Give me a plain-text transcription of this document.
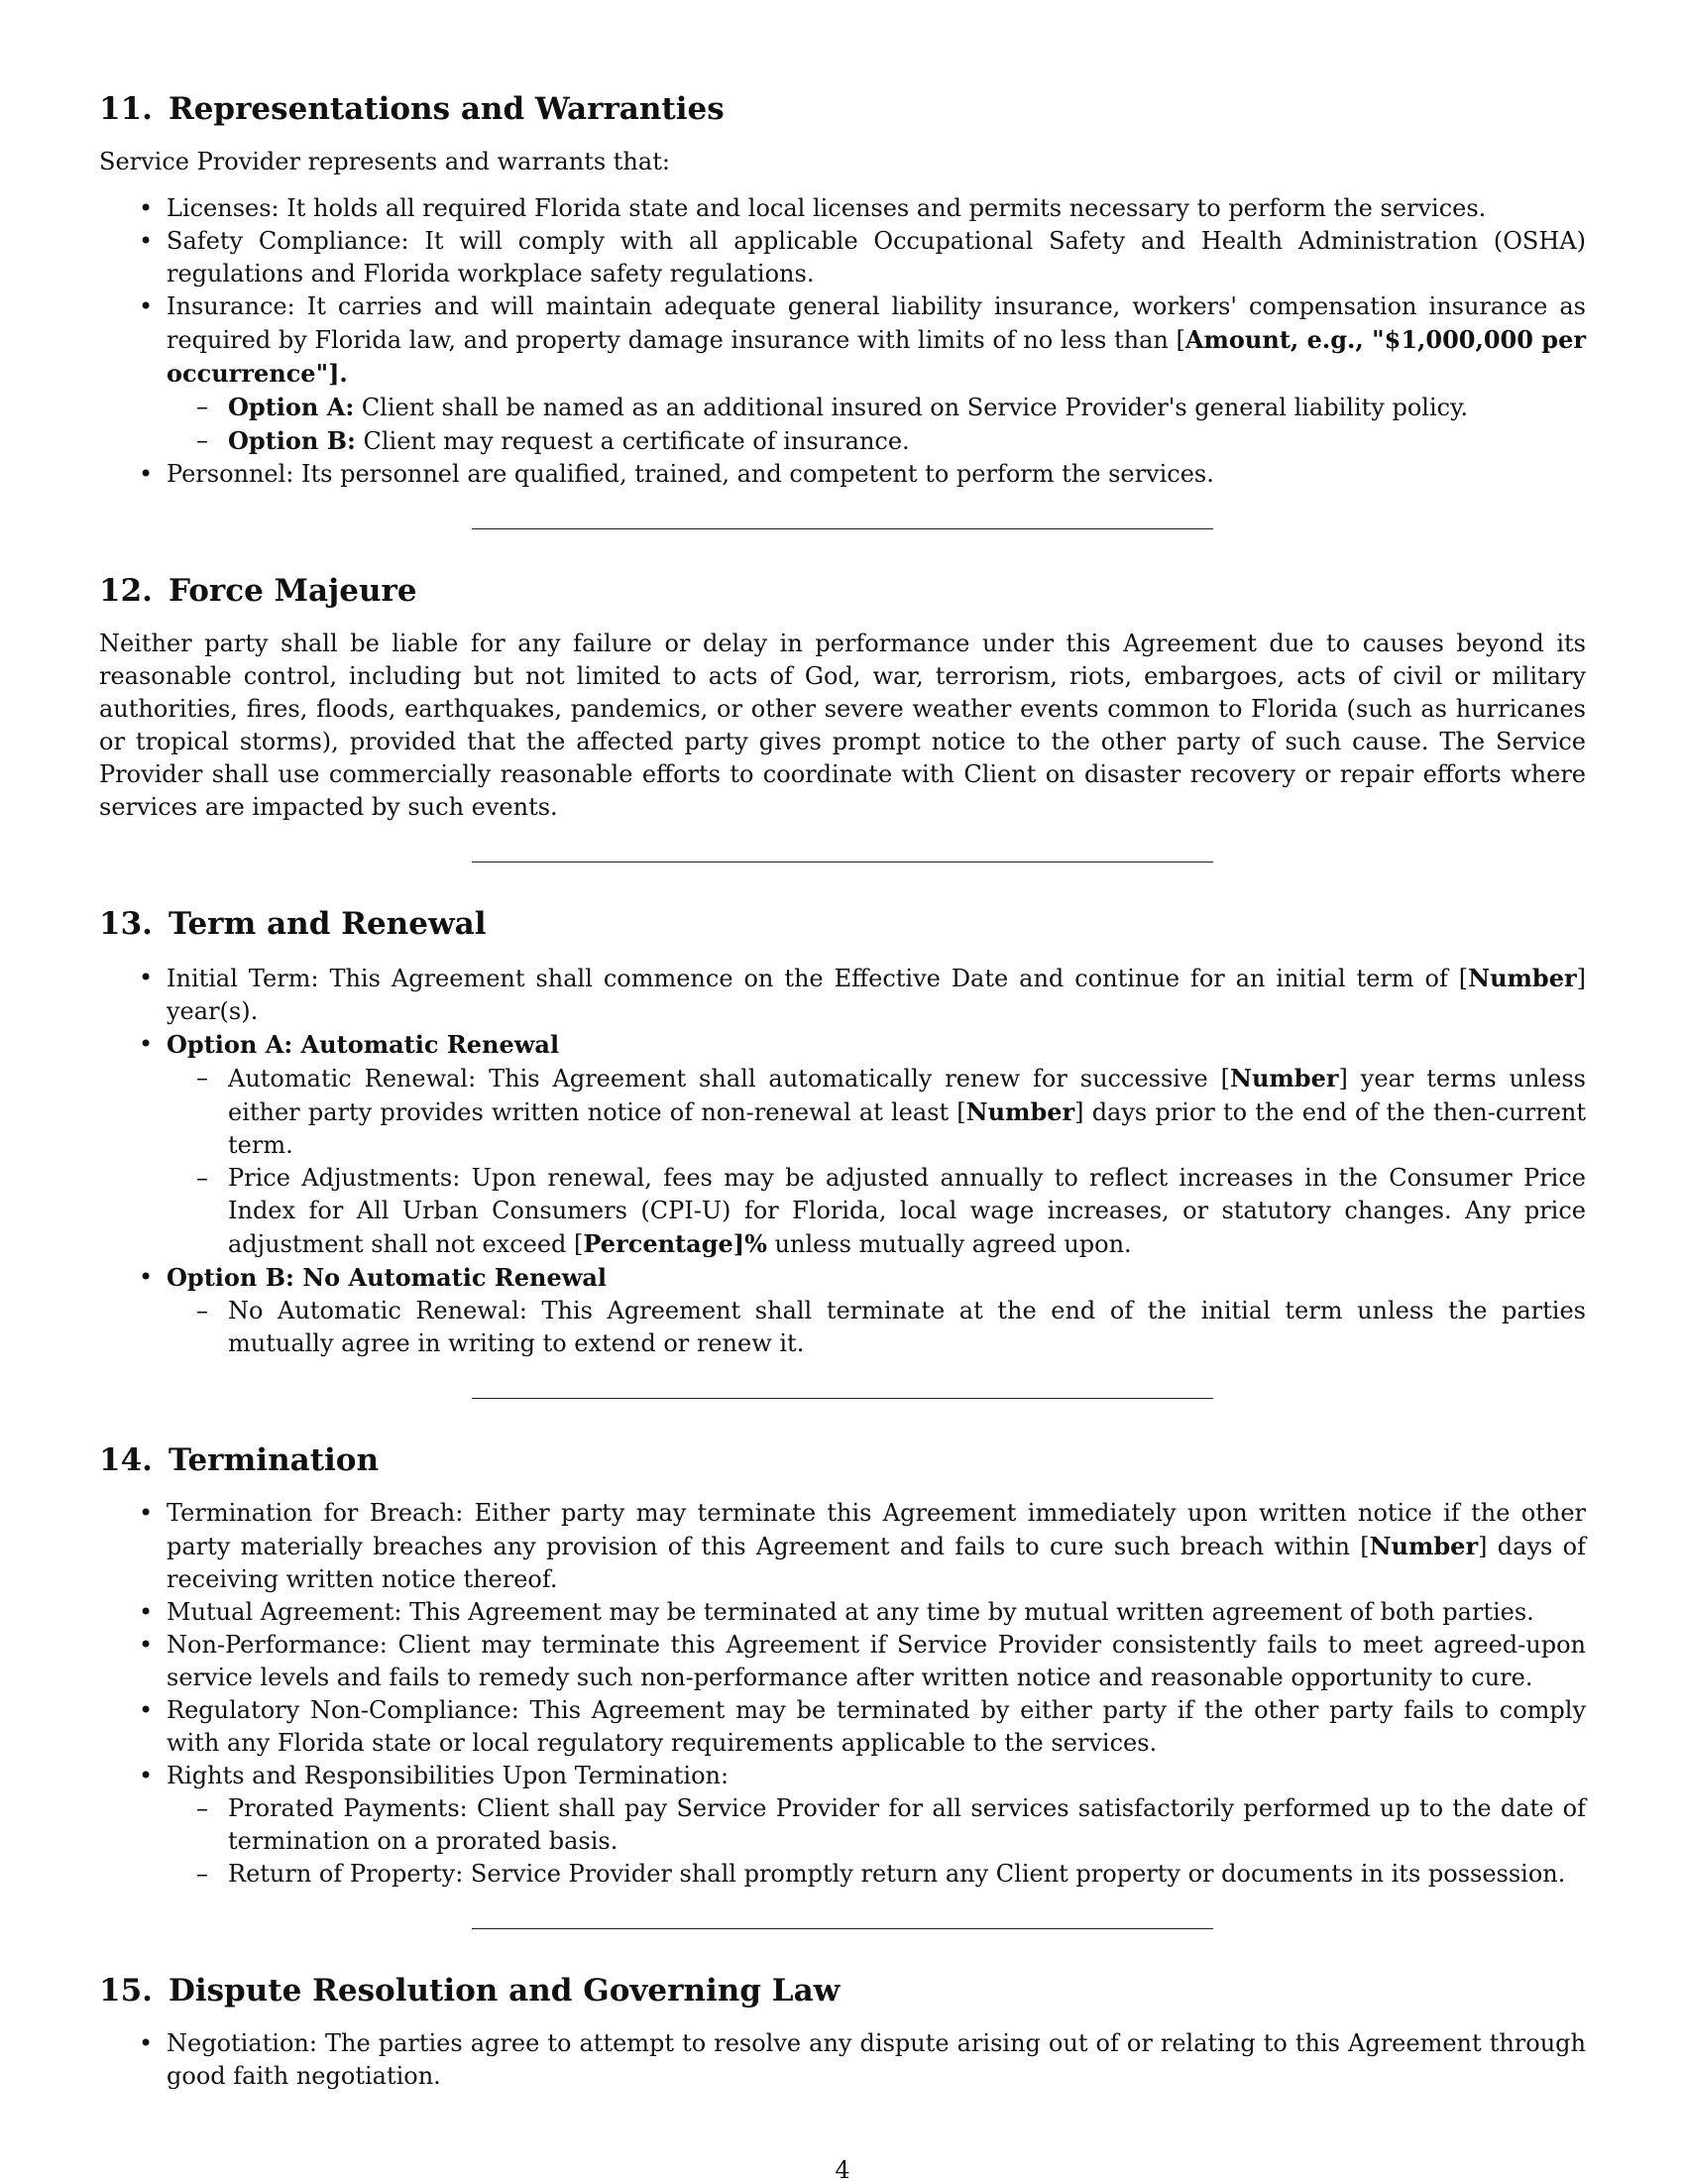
11. Representations and Warranties

Service Provider represents and warrants that:

• Licenses: It holds all required Florida state and local licenses and permits necessary to perform the services.
• Safety Compliance: It will comply with all applicable Occupational Safety and Health Administration (OSHA) regulations and Florida workplace safety regulations.
• Insurance: It carries and will maintain adequate general liability insurance, workers' compensation insurance as required by Florida law, and property damage insurance with limits of no less than [Amount, e.g., "$1,000,000 per occurrence"].
– Option A: Client shall be named as an additional insured on Service Provider's general liability policy.
– Option B: Client may request a certificate of insurance.
• Personnel: Its personnel are qualified, trained, and competent to perform the services.
12. Force Majeure

Neither party shall be liable for any failure or delay in performance under this Agreement due to causes beyond its reasonable control, including but not limited to acts of God, war, terrorism, riots, embargoes, acts of civil or military authorities, fires, floods, earthquakes, pandemics, or other severe weather events common to Florida (such as hurricanes or tropical storms), provided that the affected party gives prompt notice to the other party of such cause. The Service Provider shall use commercially reasonable efforts to coordinate with Client on disaster recovery or repair efforts where services are impacted by such events.

13. Term and Renewal
• Initial Term: This Agreement shall commence on the Effective Date and continue for an initial term of [Number] year(s).
• Option A: Automatic Renewal
– Automatic Renewal: This Agreement shall automatically renew for successive [Number] year terms unless either party provides written notice of non-renewal at least [Number] days prior to the end of the then-current term.
– Price Adjustments: Upon renewal, fees may be adjusted annually to reflect increases in the Consumer Price Index for All Urban Consumers (CPI-U) for Florida, local wage increases, or statutory changes. Any price adjustment shall not exceed [Percentage]% unless mutually agreed upon.
• Option B: No Automatic Renewal
– No Automatic Renewal: This Agreement shall terminate at the end of the initial term unless the parties mutually agree in writing to extend or renew it.
14. Termination
• Termination for Breach: Either party may terminate this Agreement immediately upon written notice if the other party materially breaches any provision of this Agreement and fails to cure such breach within [Number] days of receiving written notice thereof.
• Mutual Agreement: This Agreement may be terminated at any time by mutual written agreement of both parties.
• Non-Performance: Client may terminate this Agreement if Service Provider consistently fails to meet agreed-upon service levels and fails to remedy such non-performance after written notice and reasonable opportunity to cure.
• Regulatory Non-Compliance: This Agreement may be terminated by either party if the other party fails to comply with any Florida state or local regulatory requirements applicable to the services.
• Rights and Responsibilities Upon Termination:
– Prorated Payments: Client shall pay Service Provider for all services satisfactorily performed up to the date of termination on a prorated basis.
– Return of Property: Service Provider shall promptly return any Client property or documents in its possession.
15. Dispute Resolution and Governing Law
• Negotiation: The parties agree to attempt to resolve any dispute arising out of or relating to this Agreement through good faith negotiation.
4
